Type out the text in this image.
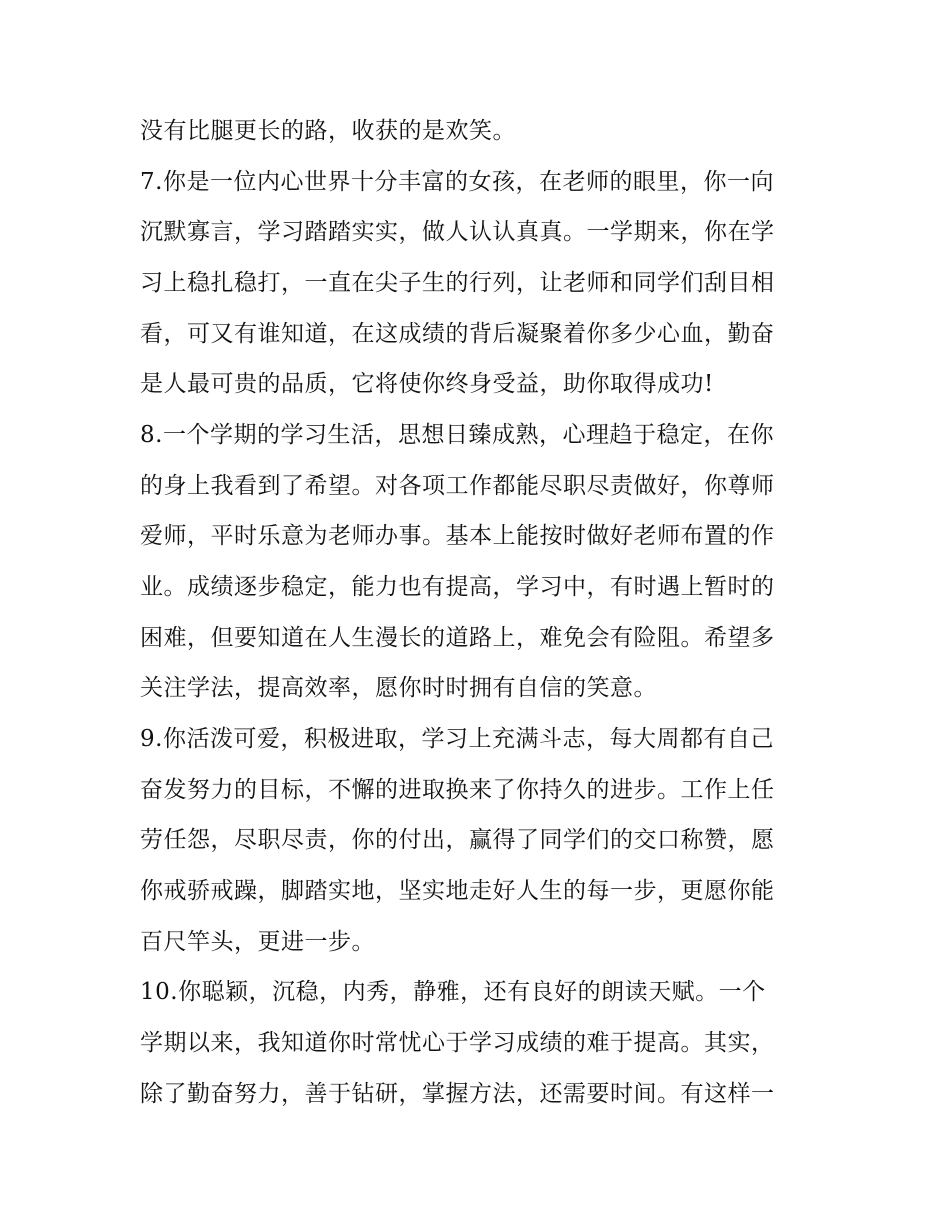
没有比腿更长的路，收获的是欢笑。

7.你是一位内心世界十分丰富的女孩，在老师的眼里，你一向

沉默寡言，学习踏踏实实，做人认认真真。一学期来，你在学

习上稳扎稳打，一直在尖子生的行列，让老师和同学们刮目相

看，可又有谁知道，在这成绩的背后凝聚着你多少心血，勤奋

是人最可贵的品质，它将使你终身受益，助你取得成功!

8.一个学期的学习生活，思想日臻成熟，心理趋于稳定，在你

的身上我看到了希望。对各项工作都能尽职尽责做好，你尊师

爱师，平时乐意为老师办事。基本上能按时做好老师布置的作

业。成绩逐步稳定，能力也有提高，学习中，有时遇上暂时的

困难，但要知道在人生漫长的道路上，难免会有险阻。希望多

关注学法，提高效率，愿你时时拥有自信的笑意。

9.你活泼可爱，积极进取，学习上充满斗志，每大周都有自己

奋发努力的目标，不懈的进取换来了你持久的进步。工作上任

劳任怨，尽职尽责，你的付出，赢得了同学们的交口称赞，愿

你戒骄戒躁，脚踏实地，坚实地走好人生的每一步，更愿你能

百尺竿头，更进一步。

10.你聪颖，沉稳，内秀，静雅，还有良好的朗读天赋。一个

学期以来，我知道你时常忧心于学习成绩的难于提高。其实，

除了勤奋努力，善于钻研，掌握方法，还需要时间。有这样一
